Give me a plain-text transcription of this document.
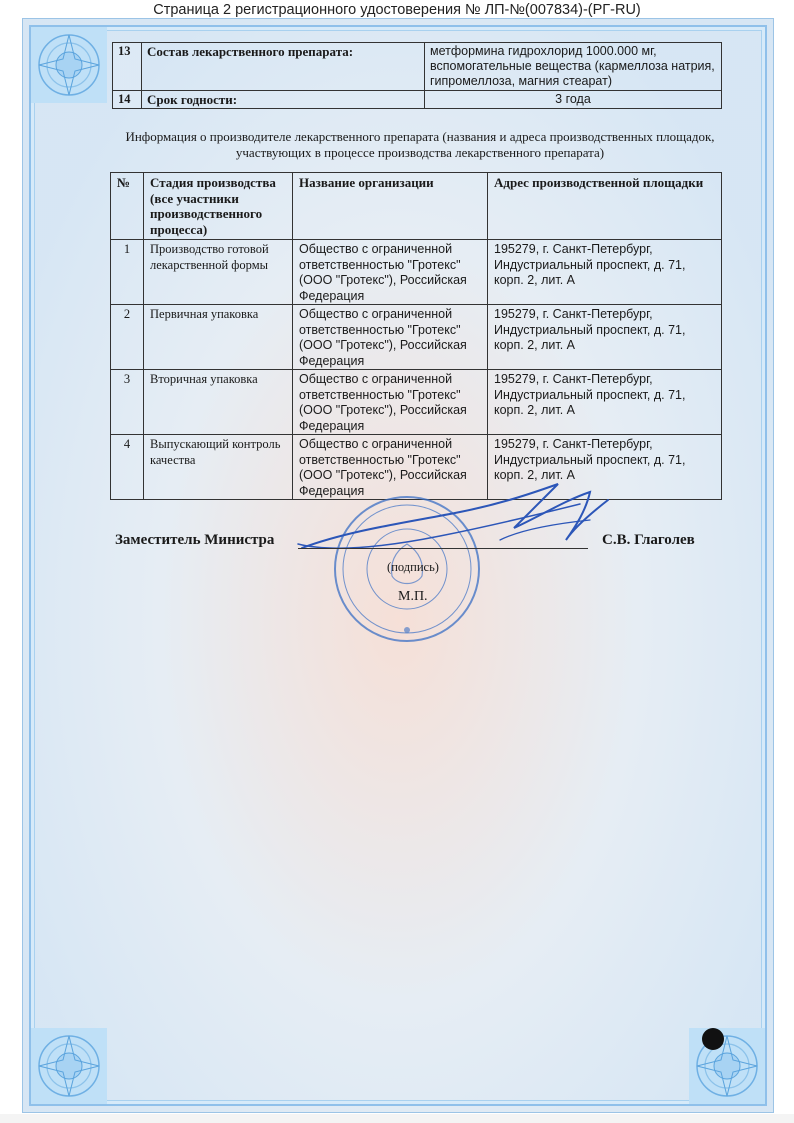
Страница 2 регистрационного удостоверения № ЛП-№(007834)-(РГ-RU)
13	Состав лекарственного препарата:	метформина гидрохлорид 1000.000 мг, вспомогательные вещества (кармеллоза натрия, гипромеллоза, магния стеарат)
14	Срок годности:	3 года
Информация о производителе лекарственного препарата (названия и адреса производственных площадок, участвующих в процессе производства лекарственного препарата)
№	Стадия производства (все участники производственного процесса)	Название организации	Адрес производственной площадки
1	Производство готовой лекарственной формы	Общество с ограниченной ответственностью "Гротекс" (ООО "Гротекс"), Российская Федерация	195279, г. Санкт-Петербург, Индустриальный проспект, д. 71, корп. 2, лит. А
2	Первичная упаковка	Общество с ограниченной ответственностью "Гротекс" (ООО "Гротекс"), Российская Федерация	195279, г. Санкт-Петербург, Индустриальный проспект, д. 71, корп. 2, лит. А
3	Вторичная упаковка	Общество с ограниченной ответственностью "Гротекс" (ООО "Гротекс"), Российская Федерация	195279, г. Санкт-Петербург, Индустриальный проспект, д. 71, корп. 2, лит. А
4	Выпускающий контроль качества	Общество с ограниченной ответственностью "Гротекс" (ООО "Гротекс"), Российская Федерация	195279, г. Санкт-Петербург, Индустриальный проспект, д. 71, корп. 2, лит. А
Заместитель Министра	С.В. Глаголев
(подпись)
М.П.
